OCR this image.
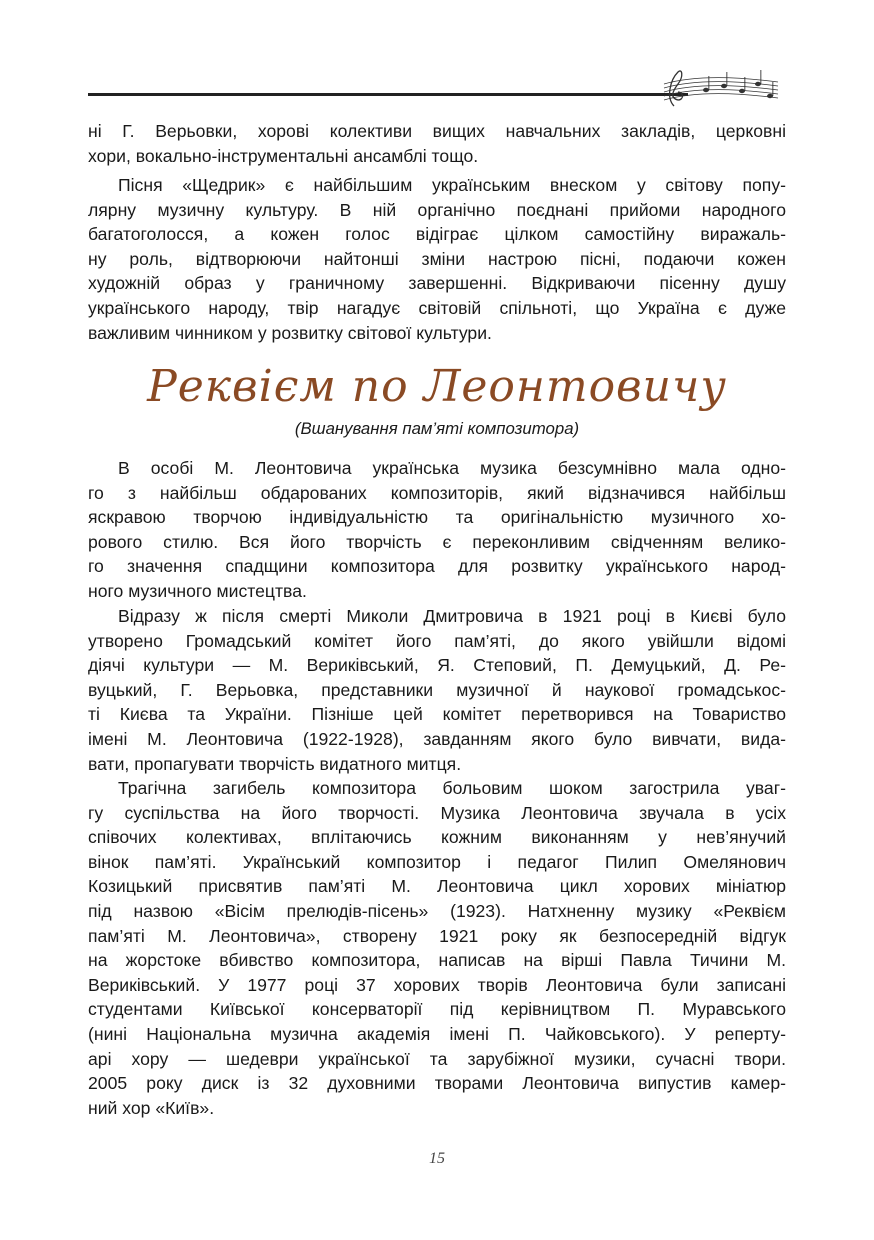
ні Г. Верьовки, хорові колективи вищих навчальних закладів, церковні
хори, вокально-інструментальні ансамблі тощо.
Пісня «Щедрик» є найбільшим українським внеском у світову попу-
лярну музичну культуру. В ній органічно поєднані прийоми народного
багатоголосся, а кожен голос відіграє цілком самостійну виражаль-
ну роль, відтворюючи найтонші зміни настрою пісні, подаючи кожен
художній образ у граничному завершенні. Відкриваючи пісенну душу
українського народу, твір нагадує світовій спільноті, що Україна є дуже
важливим чинником у розвитку світової культури.
Реквієм по Леонтовичу
(Вшанування пам’яті композитора)
В особі М. Леонтовича українська музика безсумнівно мала одно-
го з найбільш обдарованих композиторів, який відзначився найбільш
яскравою творчою індивідуальністю та оригінальністю музичного хо-
рового стилю. Вся його творчість є переконливим свідченням велико-
го значення спадщини композитора для розвитку українського народ-
ного музичного мистецтва.
Відразу ж після смерті Миколи Дмитровича в 1921 році в Києві було
утворено Громадський комітет його пам’яті, до якого увійшли відомі
діячі культури — М. Верикiвський, Я. Степовий, П. Демуцький, Д. Ре-
вуцький, Г. Верьовка, представники музичної й наукової громадськос-
ті Києва та України. Пізніше цей комітет перетворився на Товариство
імені М. Леонтовича (1922-1928), завданням якого було вивчати, вида-
вати, пропагувати творчість видатного митця.
Трагічна загибель композитора больовим шоком загострила уваг-
гу суспільства на його творчості. Музика Леонтовича звучала в усіх
співочих колективах, вплітаючись кожним виконанням у нев’янучий
вінок пам’яті. Український композитор і педагог Пилип Омелянович
Козицький присвятив пам’яті М. Леонтовича цикл хорових мініатюр
під назвою «Вісім прелюдів-пісень» (1923). Натхненну музику «Реквієм
пам’яті М. Леонтовича», створену 1921 року як безпосередній відгук
на жорстоке вбивство композитора, написав на вірші Павла Тичини М.
Верикiвський. У 1977 році 37 хорових творів Леонтовича були записані
студентами Київської консерваторії під керівництвом П. Муравського
(нині Національна музична академія імені П. Чайковського). У реперту-
арі хору — шедеври української та зарубіжної музики, сучасні твори.
2005 року диск із 32 духовними творами Леонтовича випустив камер-
ний хор «Київ».
15
